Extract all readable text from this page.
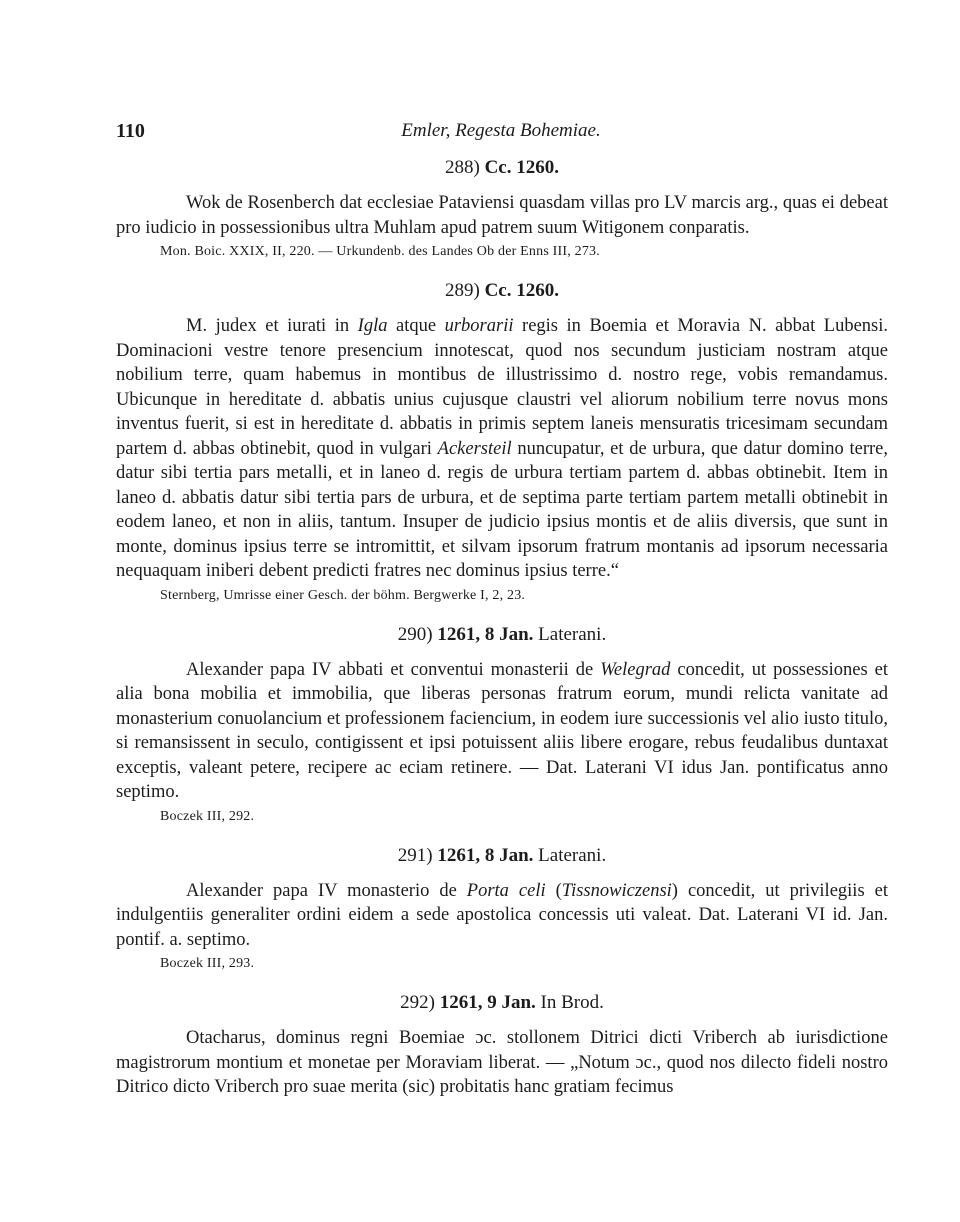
110	Emler, Regesta Bohemiae.

288) Cc. 1260.

Wok de Rosenberch dat ecclesiae Pataviensi quasdam villas pro LV marcis arg., quas ei debeat pro iudicio in possessionibus ultra Muhlam apud patrem suum Witigonem conparatis.

Mon. Boic. XXIX, II, 220. — Urkundenb. des Landes Ob der Enns III, 273.

289) Cc. 1260.

M. judex et iurati in Igla atque urborarii regis in Boemia et Moravia N. abbat Lubensi. Dominacioni vestre tenore presencium innotescat, quod nos secundum justiciam nostram atque nobilium terre, quam habemus in montibus de illustrissimo d. nostro rege, vobis remandamus. Ubicunque in hereditate d. abbatis unius cujusque claustri vel aliorum nobilium terre novus mons inventus fuerit, si est in hereditate d. abbatis in primis septem laneis mensuratis tricesimam secundam partem d. abbas obtinebit, quod in vulgari Ackersteil nuncupatur, et de urbura, que datur domino terre, datur sibi tertia pars metalli, et in laneo d. regis de urbura tertiam partem d. abbas obtinebit. Item in laneo d. abbatis datur sibi tertia pars de urbura, et de septima parte tertiam partem metalli obtinebit in eodem laneo, et non in aliis, tantum. Insuper de judicio ipsius montis et de aliis diversis, que sunt in monte, dominus ipsius terre se intromittit, et silvam ipsorum fratrum montanis ad ipsorum necessaria nequaquam iniberi debent predicti fratres nec dominus ipsius terre.“

Sternberg, Umrisse einer Gesch. der böhm. Bergwerke I, 2, 23.

290) 1261, 8 Jan. Laterani.

Alexander papa IV abbati et conventui monasterii de Welegrad concedit, ut possessiones et alia bona mobilia et immobilia, que liberas personas fratrum eorum, mundi relicta vanitate ad monasterium conuolancium et professionem faciencium, in eodem iure successionis vel alio iusto titulo, si remansissent in seculo, contigissent et ipsi potuissent aliis libere erogare, rebus feudalibus duntaxat exceptis, valeant petere, recipere ac eciam retinere. — Dat. Laterani VI idus Jan. pontificatus anno septimo.

Boczek III, 292.

291) 1261, 8 Jan. Laterani.

Alexander papa IV monasterio de Porta celi (Tissnowiczensi) concedit, ut privilegiis et indulgentiis generaliter ordini eidem a sede apostolica concessis uti valeat. Dat. Laterani VI id. Jan. pontif. a. septimo.

Boczek III, 293.

292) 1261, 9 Jan. In Brod.

Otacharus, dominus regni Boemiae ɔc. stollonem Ditrici dicti Vriberch ab iurisdictione magistrorum montium et monetae per Moraviam liberat. — „Notum ɔc., quod nos dilecto fideli nostro Ditrico dicto Vriberch pro suae merita (sic) probitatis hanc gratiam fecimus
